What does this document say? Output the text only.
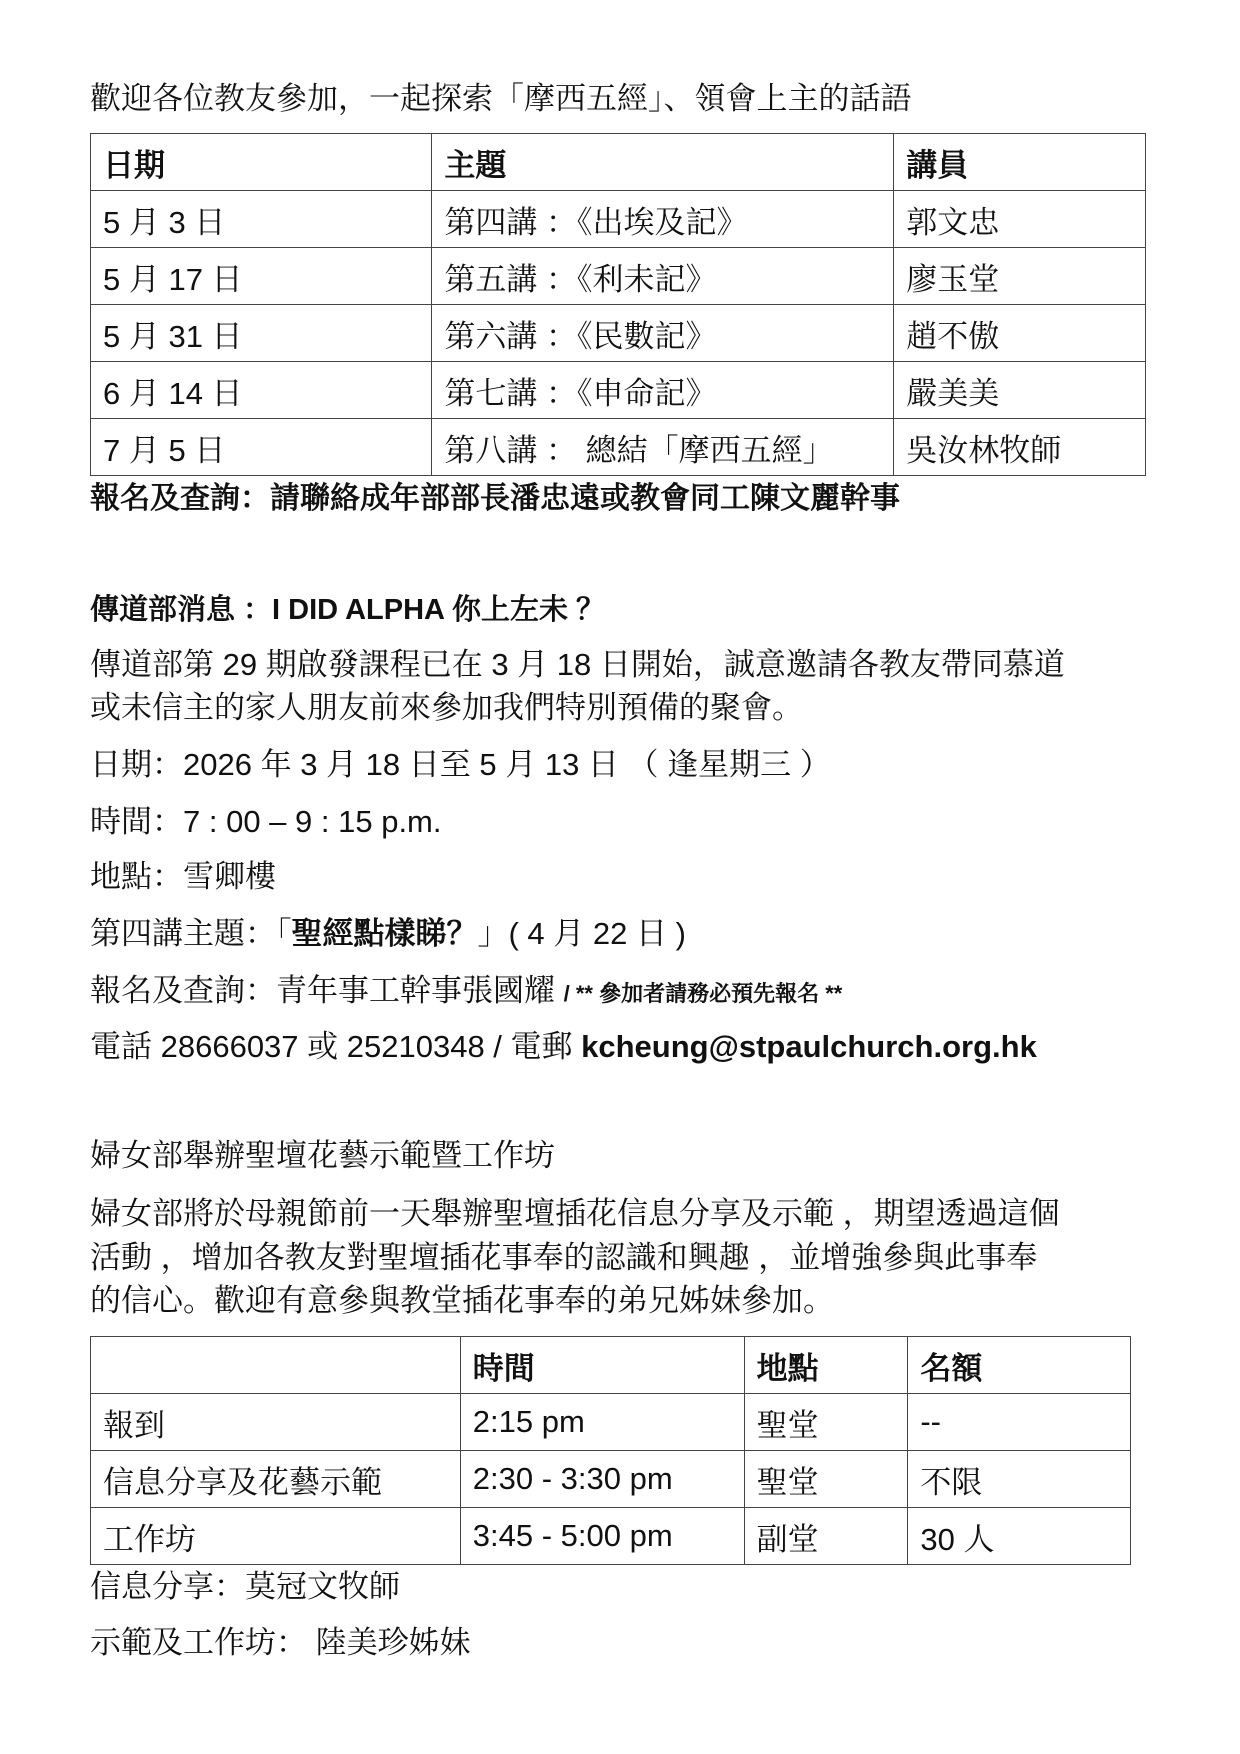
歡迎各位教友參加，一起探索「摩西五經」、領會上主的話語
日期	主題	講員
5 月 3 日	第四講 ：《出埃及記》	郭文忠
5 月 17 日	第五講 ：《利未記》	廖玉堂
5 月 31 日	第六講 ：《民數記》	趙不傲
6 月 14 日	第七講 ：《申命記》	嚴美美
7 月 5 日	第八講 ： 總結「摩西五經」	吳汝林牧師
報名及查詢：請聯絡成年部部長潘忠遠或教會同工陳文麗幹事
傳道部消息 ：I DID ALPHA 你上左未 ？
傳道部第 29 期啟發課程已在 3 月 18 日開始，誠意邀請各教友帶同慕道
或未信主的家人朋友前來參加我們特別預備的聚會。
日期：2026 年 3 月 18 日至 5 月 13 日 （ 逢星期三 ）
時間：7 : 00 – 9 : 15 p.m.
地點：雪卿樓
第四講主題：「聖經點樣睇？」( 4 月 22 日 )
報名及查詢：青年事工幹事張國耀 / ** 參加者請務必預先報名 **
電話 28666037 或 25210348 / 電郵 kcheung@stpaulchurch.org.hk
婦女部舉辦聖壇花藝示範暨工作坊
婦女部將於母親節前一天舉辦聖壇插花信息分享及示範 ，期望透過這個
活動 ，增加各教友對聖壇插花事奉的認識和興趣 ，並增強參與此事奉
的信心。歡迎有意參與教堂插花事奉的弟兄姊妹參加。
	時間	地點	名額
報到	2:15 pm	聖堂	--
信息分享及花藝示範	2:30 - 3:30 pm	聖堂	不限
工作坊	3:45 - 5:00 pm	副堂	30 人
信息分享：莫冠文牧師
示範及工作坊： 陸美珍姊妹
